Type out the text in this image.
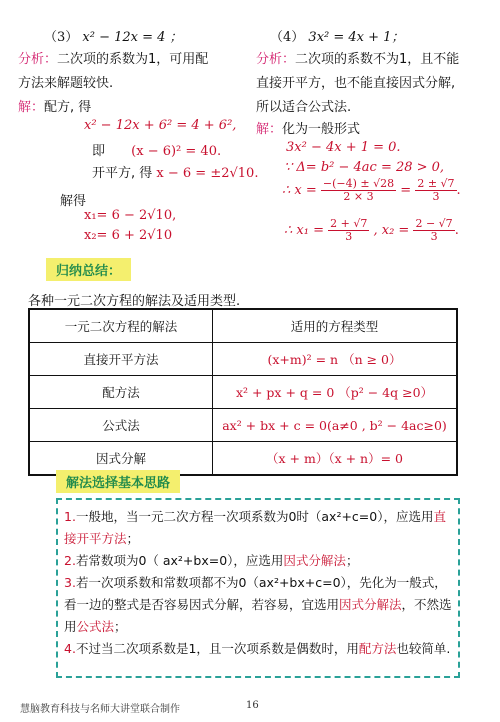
（3） x² − 12x = 4 ；
分析：二次项的系数为1，可用配
方法来解题较快.
解：配方, 得
x² − 12x + 6² = 4 + 6²,
即 (x − 6)² = 40.
开平方, 得 x − 6 = ±2√10.
解得
x₁= 6 − 2√10,
x₂= 6 + 2√10
（4） 3x² = 4x + 1；
分析：二次项的系数不为1，且不能
直接开平方，也不能直接因式分解,
所以适合公式法.
解：化为一般形式
3x² − 4x + 1 = 0.
∵ Δ= b² − 4ac = 28 > 0,
∴ $x = \frac{-(-4) \pm √28}{2 \times 3} = \frac{2 \pm √7}{3}$ .
∴ $x_1 = \frac{2 + √7}{3}$ , $x_2 = \frac{2 - √7}{3}$ .
归纳总结：
各种一元二次方程的解法及适用类型.
一元二次方程的解法	适用的方程类型
直接开平方法	(x+m)² = n （n ≥ 0）
配方法	x² + px + q = 0 （p² − 4q ≥0）
公式法	ax² + bx + c = 0(a≠0 , b² − 4ac≥0)
因式分解	（x + m）（x + n）= 0
解法选择基本思路

1.一般地，当一元二次方程一次项系数为0时（ax²+c=0），应选用直接开平方法；

2.若常数项为0（ ax²+bx=0），应选用因式分解法；

3.若一次项系数和常数项都不为0（ax²+bx+c=0），先化为一般式，看一边的整式是否容易因式分解，若容易，宜选用因式分解法，不然选用公式法；

4.不过当二次项系数是1，且一次项系数是偶数时，用配方法也较简单.

慧脑教育科技与名师大讲堂联合制作	16
